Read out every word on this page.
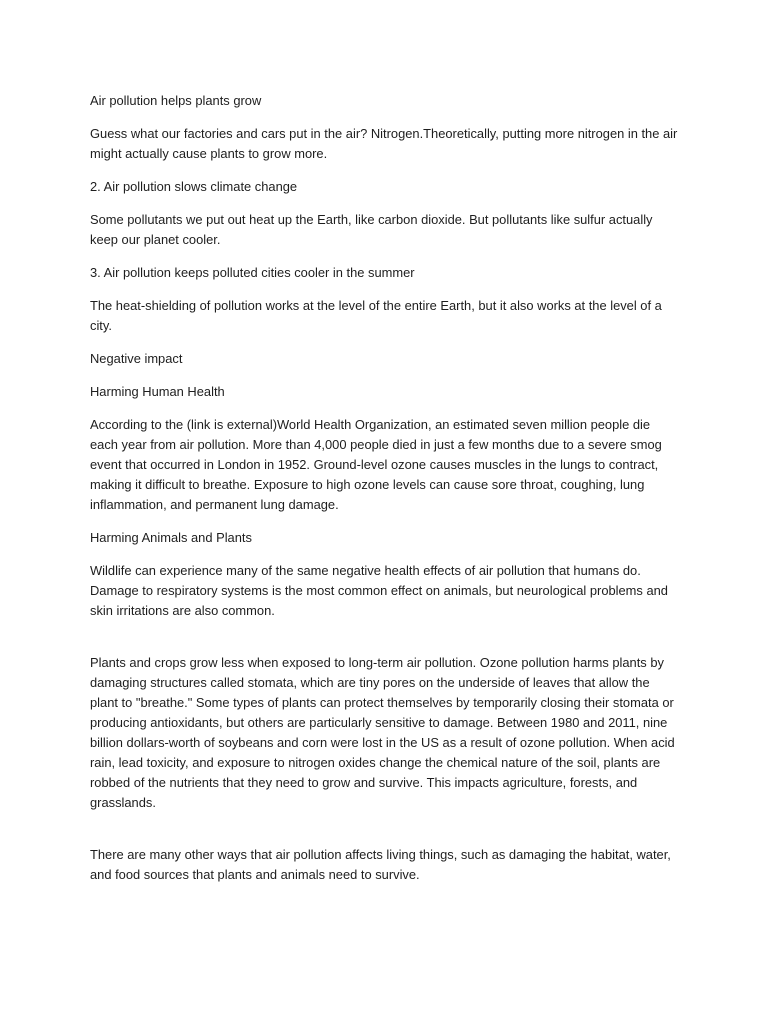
Air pollution helps plants grow

Guess what our factories and cars put in the air? Nitrogen.Theoretically, putting more nitrogen in the air might actually cause plants to grow more.

2. Air pollution slows climate change

Some pollutants we put out heat up the Earth, like carbon dioxide. But pollutants like sulfur actually keep our planet cooler.

3. Air pollution keeps polluted cities cooler in the summer

The heat-shielding of pollution works at the level of the entire Earth, but it also works at the level of a city.

Negative impact

Harming Human Health

According to the (link is external)World Health Organization, an estimated seven million people die each year from air pollution. More than 4,000 people died in just a few months due to a severe smog event that occurred in London in 1952. Ground-level ozone causes muscles in the lungs to contract, making it difficult to breathe. Exposure to high ozone levels can cause sore throat, coughing, lung inflammation, and permanent lung damage.

Harming Animals and Plants

Wildlife can experience many of the same negative health effects of air pollution that humans do. Damage to respiratory systems is the most common effect on animals, but neurological problems and skin irritations are also common.

Plants and crops grow less when exposed to long-term air pollution. Ozone pollution harms plants by damaging structures called stomata, which are tiny pores on the underside of leaves that allow the plant to "breathe." Some types of plants can protect themselves by temporarily closing their stomata or producing antioxidants, but others are particularly sensitive to damage. Between 1980 and 2011, nine billion dollars-worth of soybeans and corn were lost in the US as a result of ozone pollution. When acid rain, lead toxicity, and exposure to nitrogen oxides change the chemical nature of the soil, plants are robbed of the nutrients that they need to grow and survive. This impacts agriculture, forests, and grasslands.

There are many other ways that air pollution affects living things, such as damaging the habitat, water, and food sources that plants and animals need to survive.
